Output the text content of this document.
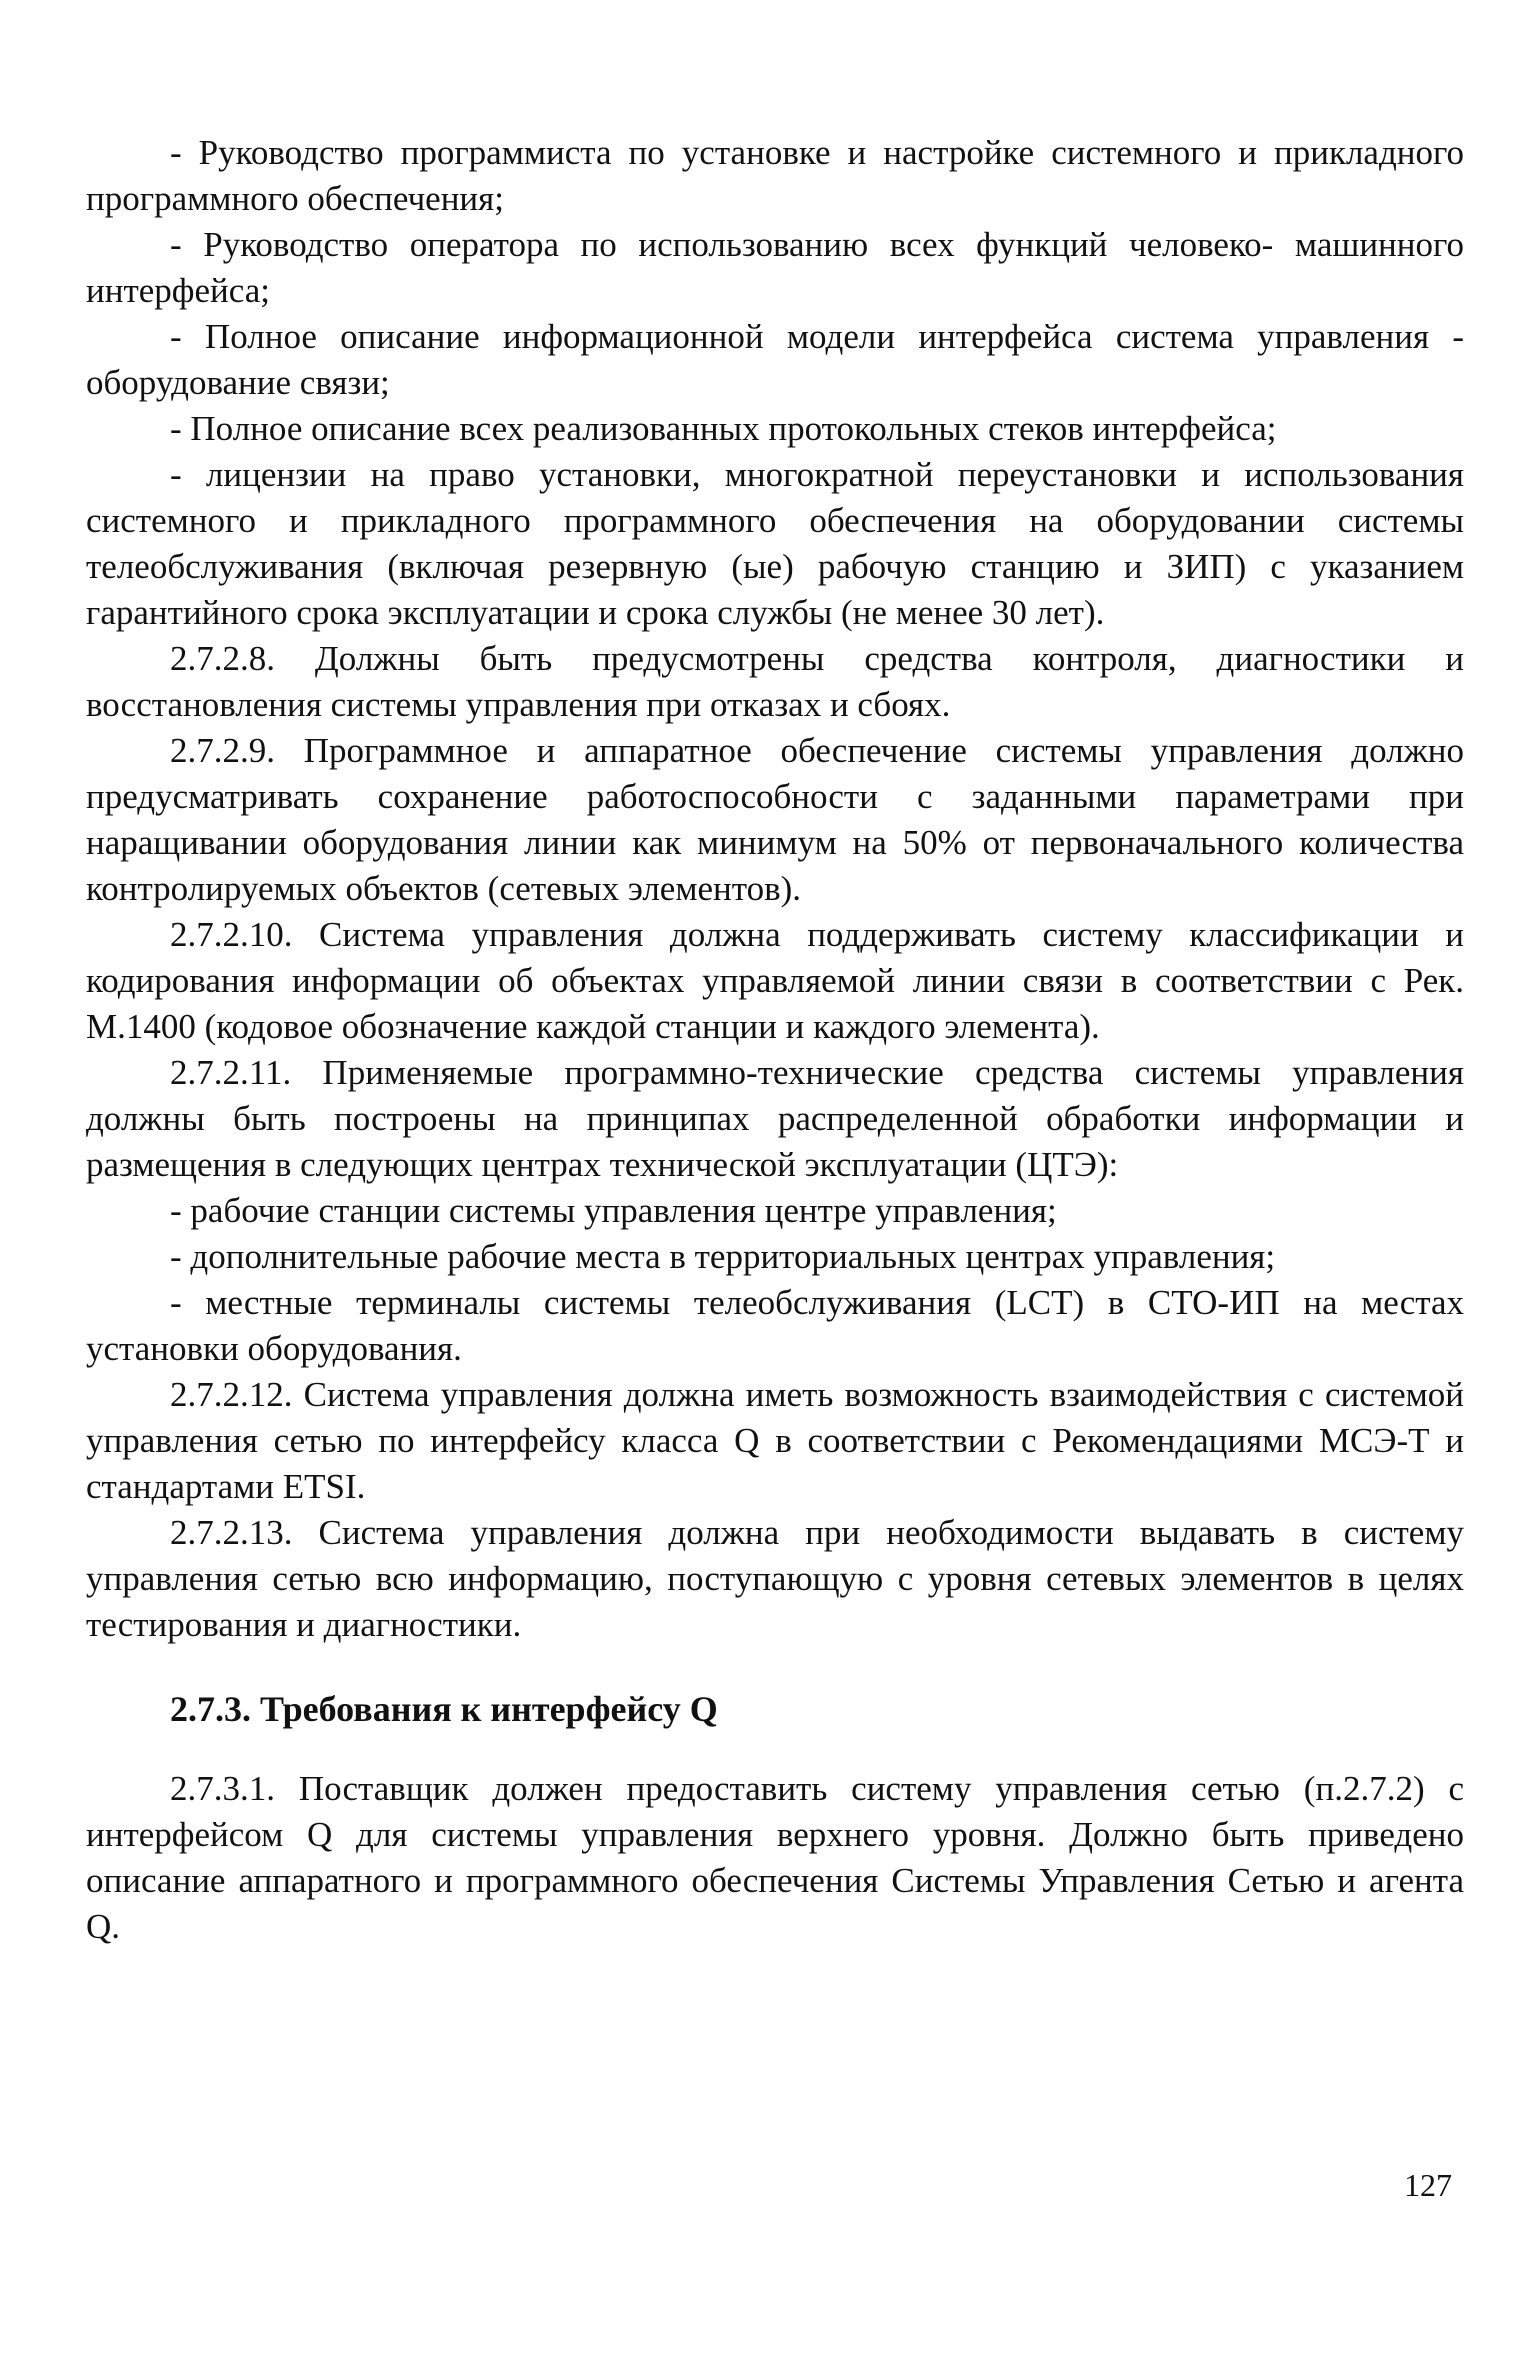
- Руководство программиста по установке и настройке системного и прикладного программного обеспечения;

- Руководство оператора по использованию всех функций человеко- машинного интерфейса;

- Полное описание информационной модели интерфейса система управления - оборудование связи;

- Полное описание всех реализованных протокольных стеков интерфейса;

- лицензии на право установки, многократной переустановки и использования системного и прикладного программного обеспечения на оборудовании системы телеобслуживания (включая резервную (ые) рабочую станцию и ЗИП) с указанием гарантийного срока эксплуатации и срока службы (не менее 30 лет).

2.7.2.8. Должны быть предусмотрены средства контроля, диагностики и восстановления системы управления при отказах и сбоях.

2.7.2.9. Программное и аппаратное обеспечение системы управления должно предусматривать сохранение работоспособности с заданными параметрами при наращивании оборудования линии как минимум на 50% от первоначального количества контролируемых объектов (сетевых элементов).

2.7.2.10. Система управления должна поддерживать систему классификации и кодирования информации об объектах управляемой линии связи в соответствии с Рек. М.1400 (кодовое обозначение каждой станции и каждого элемента).

2.7.2.11. Применяемые программно-технические средства системы управления должны быть построены на принципах распределенной обработки информации и размещения в следующих центрах технической эксплуатации (ЦТЭ):

- рабочие станции системы управления центре управления;

- дополнительные рабочие места в территориальных центрах управления;

- местные терминалы системы телеобслуживания (LCT) в СТО-ИП на местах установки оборудования.

2.7.2.12. Система управления должна иметь возможность взаимодействия с системой управления сетью по интерфейсу класса Q в соответствии с Рекомендациями МСЭ-Т и стандартами ETSI.

2.7.2.13. Система управления должна при необходимости выдавать в систему управления сетью всю информацию, поступающую с уровня сетевых элементов в целях тестирования и диагностики.

2.7.3. Требования к интерфейсу Q

2.7.3.1. Поставщик должен предоставить систему управления сетью (п.2.7.2) с интерфейсом Q для системы управления верхнего уровня. Должно быть приведено описание аппаратного и программного обеспечения Системы Управления Сетью и агента Q.

127
